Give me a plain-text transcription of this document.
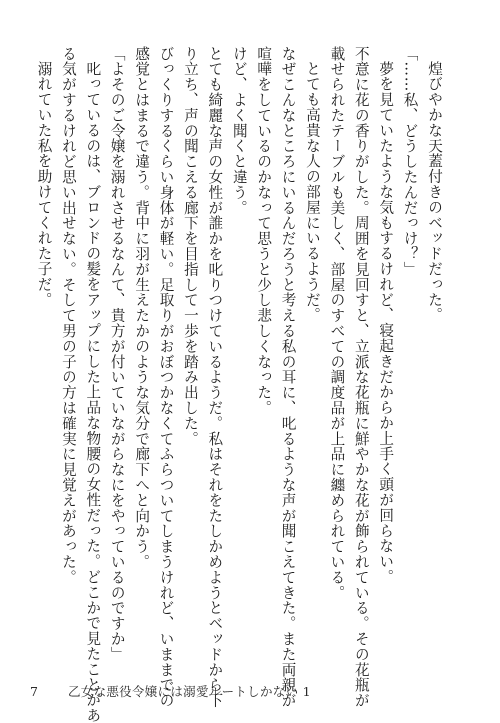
煌びやかな天蓋付きのベッドだった。
「……私、どうしたんだっけ？」
夢を見ていたような気もするけれど、寝起きだからか上手く頭が回らない。
不意に花の香りがした。周囲を見回すと、立派な花瓶に鮮やかな花が飾られている。その花瓶が
載せられたテーブルも美しく、部屋のすべての調度品が上品に纏められている。
とても高貴な人の部屋にいるようだ。
なぜこんなところにいるんだろうと考える私の耳に、叱るような声が聞こえてきた。また両親が
喧嘩をしているのかなって思うと少し悲しくなった。
けど、よく聞くと違う。
とても綺麗な声の女性が誰かを叱りつけているようだ。私はそれをたしかめようとベッドから下
り立ち、声の聞こえる廊下を目指して一歩を踏み出した。
びっくりするくらい身体が軽い。足取りがおぼつかなくてふらついてしまうけれど、いままでの
感覚とはまるで違う。背中に羽が生えたかのような気分で廊下へと向かう。
「よそのご令嬢を溺れさせるなんて、貴方が付いていながらなにをやっているのですか」
叱っているのは、ブロンドの髪をアップにした上品な物腰の女性だった。どこかで見たことがあ
る気がするけれど思い出せない。そして男の子の方は確実に見覚えがあった。
溺れていた私を助けてくれた子だ。
7 乙女な悪役令嬢には溺愛ルートしかない 1
